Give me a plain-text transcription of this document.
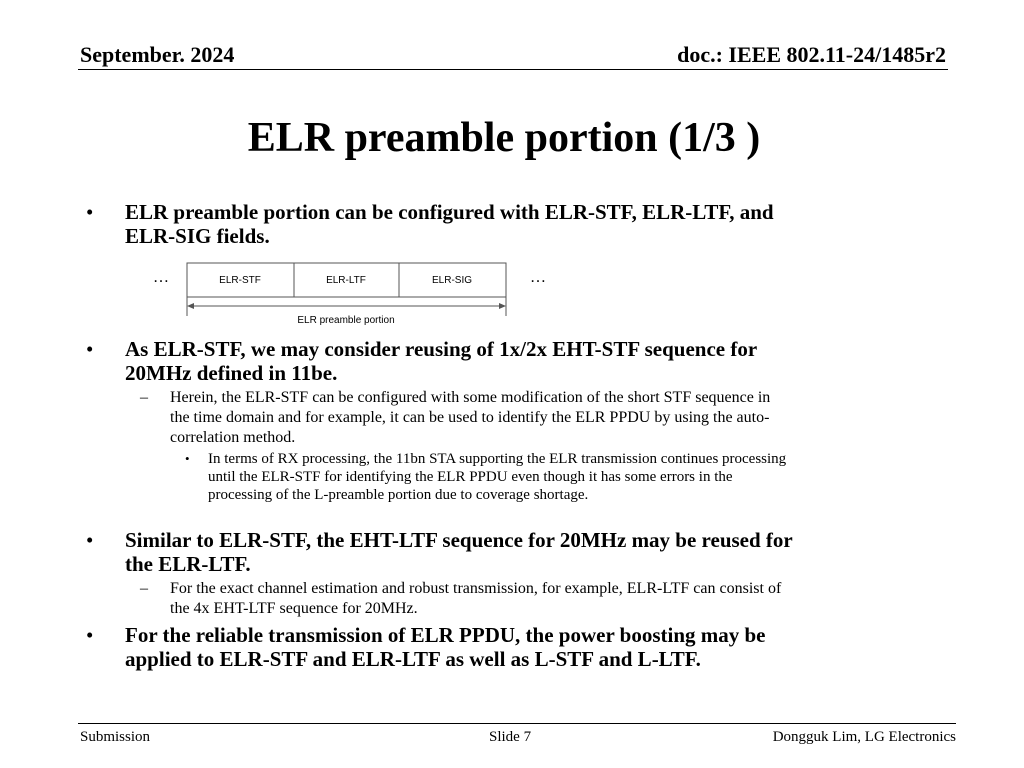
September. 2024	doc.: IEEE 802.11-24/1485r2
ELR preamble portion (1/3 )
• ELR preamble portion can be configured with ELR-STF, ELR-LTF, and
ELR-SIG fields.
…	ELR-STF	ELR-LTF	ELR-SIG	…
ELR preamble portion
• As ELR-STF, we may consider reusing of 1x/2x EHT-STF sequence for
20MHz defined in 11be.
– Herein, the ELR-STF can be configured with some modification of the short STF sequence in
the time domain and for example, it can be used to identify the ELR PPDU by using the auto-
correlation method.
• In terms of RX processing, the 11bn STA supporting the ELR transmission continues processing
until the ELR-STF for identifying the ELR PPDU even though it has some errors in the
processing of the L-preamble portion due to coverage shortage.
• Similar to ELR-STF, the EHT-LTF sequence for 20MHz may be reused for
the ELR-LTF.
– For the exact channel estimation and robust transmission, for example, ELR-LTF can consist of
the 4x EHT-LTF sequence for 20MHz.
• For the reliable transmission of ELR PPDU, the power boosting may be
applied to ELR-STF and ELR-LTF as well as L-STF and L-LTF.
Submission	Slide 7	Dongguk Lim, LG Electronics
